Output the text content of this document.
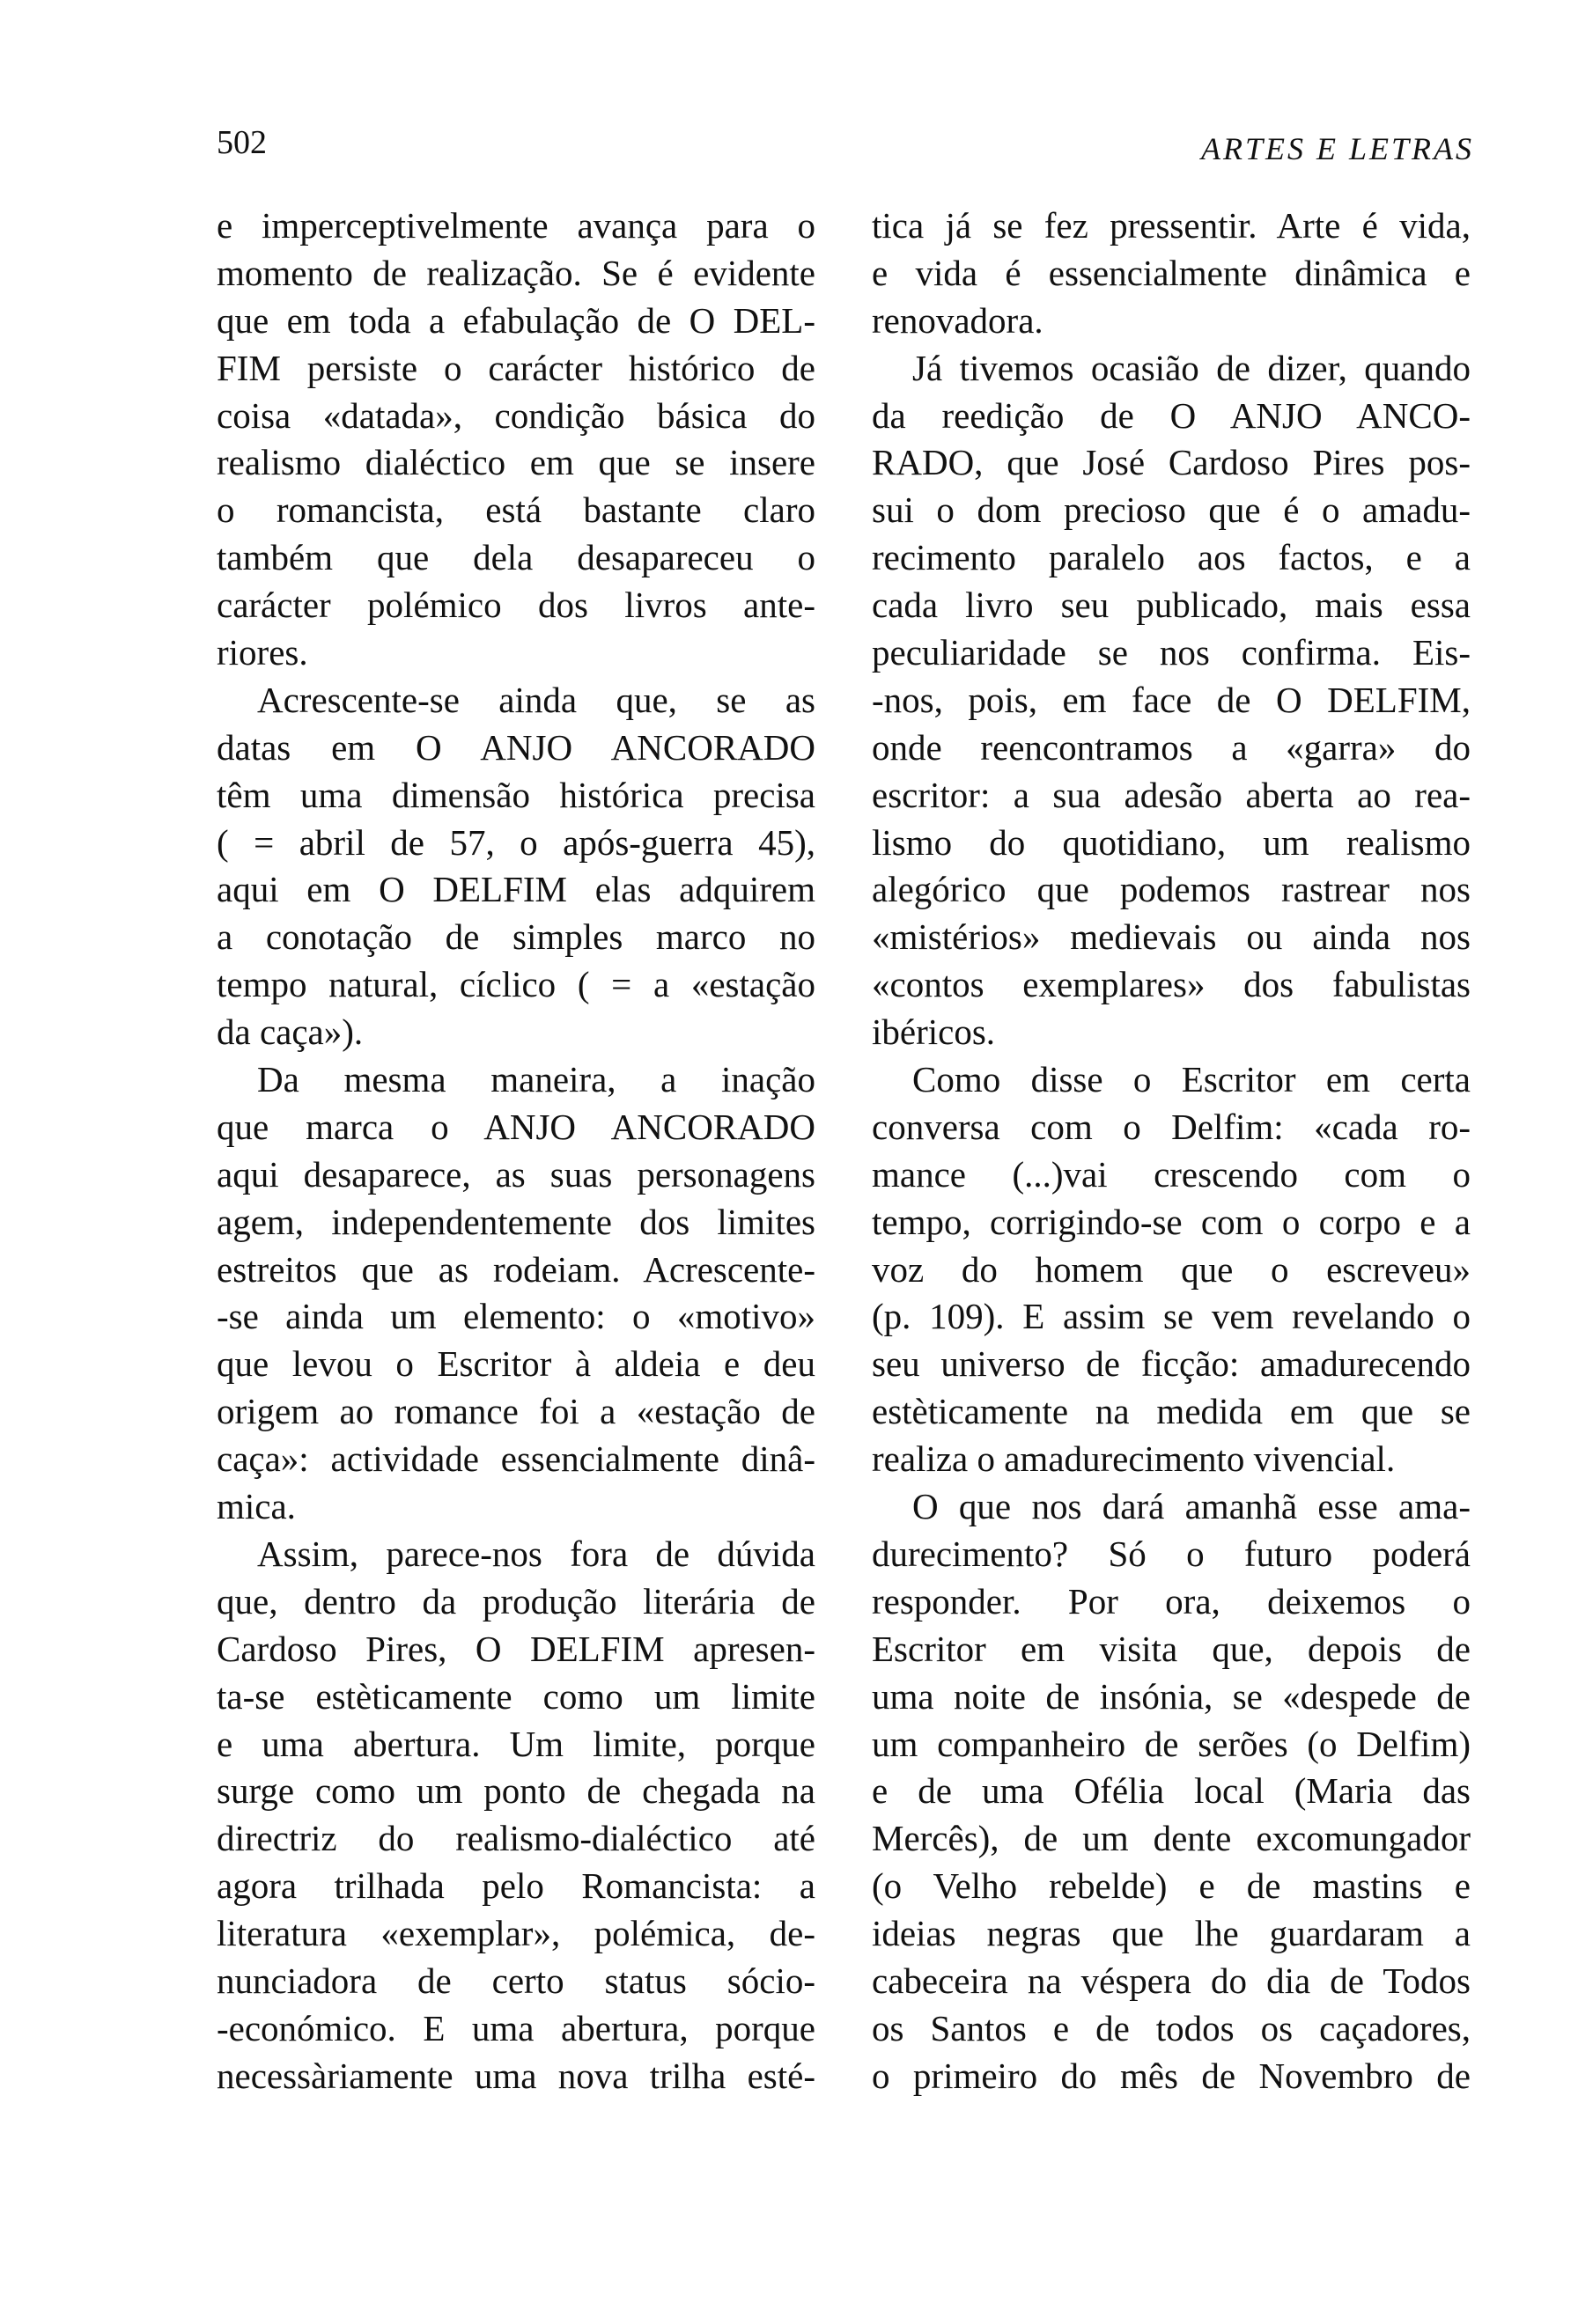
502	ARTES E LETRAS
e imperceptivelmente avança para o
momento de realização. Se é evidente
que em toda a efabulação de O DEL-
FIM persiste o carácter histórico de
coisa «datada», condição básica do
realismo dialéctico em que se insere
o romancista, está bastante claro
também que dela desapareceu o
carácter polémico dos livros ante-
riores.
Acrescente-se ainda que, se as
datas em O ANJO ANCORADO
têm uma dimensão histórica precisa
( = abril de 57, o após-guerra 45),
aqui em O DELFIM elas adquirem
a conotação de simples marco no
tempo natural, cíclico ( = a «estação
da caça»).
Da mesma maneira, a inação
que marca o ANJO ANCORADO
aqui desaparece, as suas personagens
agem, independentemente dos limites
estreitos que as rodeiam. Acrescente-
-se ainda um elemento: o «motivo»
que levou o Escritor à aldeia e deu
origem ao romance foi a «estação de
caça»: actividade essencialmente dinâ-
mica.
Assim, parece-nos fora de dúvida
que, dentro da produção literária de
Cardoso Pires, O DELFIM apresen-
ta-se estèticamente como um limite
e uma abertura. Um limite, porque
surge como um ponto de chegada na
directriz do realismo-dialéctico até
agora trilhada pelo Romancista: a
literatura «exemplar», polémica, de-
nunciadora de certo status sócio-
-económico. E uma abertura, porque
necessàriamente uma nova trilha esté-
tica já se fez pressentir. Arte é vida,
e vida é essencialmente dinâmica e
renovadora.
Já tivemos ocasião de dizer, quando
da reedição de O ANJO ANCO-
RADO, que José Cardoso Pires pos-
sui o dom precioso que é o amadu-
recimento paralelo aos factos, e a
cada livro seu publicado, mais essa
peculiaridade se nos confirma. Eis-
-nos, pois, em face de O DELFIM,
onde reencontramos a «garra» do
escritor: a sua adesão aberta ao rea-
lismo do quotidiano, um realismo
alegórico que podemos rastrear nos
«mistérios» medievais ou ainda nos
«contos exemplares» dos fabulistas
ibéricos.
Como disse o Escritor em certa
conversa com o Delfim: «cada ro-
mance (...)vai crescendo com o
tempo, corrigindo-se com o corpo e a
voz do homem que o escreveu»
(p. 109). E assim se vem revelando o
seu universo de ficção: amadurecendo
estèticamente na medida em que se
realiza o amadurecimento vivencial.
O que nos dará amanhã esse ama-
durecimento? Só o futuro poderá
responder. Por ora, deixemos o
Escritor em visita que, depois de
uma noite de insónia, se «despede de
um companheiro de serões (o Delfim)
e de uma Ofélia local (Maria das
Mercês), de um dente excomungador
(o Velho rebelde) e de mastins e
ideias negras que lhe guardaram a
cabeceira na véspera do dia de Todos
os Santos e de todos os caçadores,
o primeiro do mês de Novembro de
